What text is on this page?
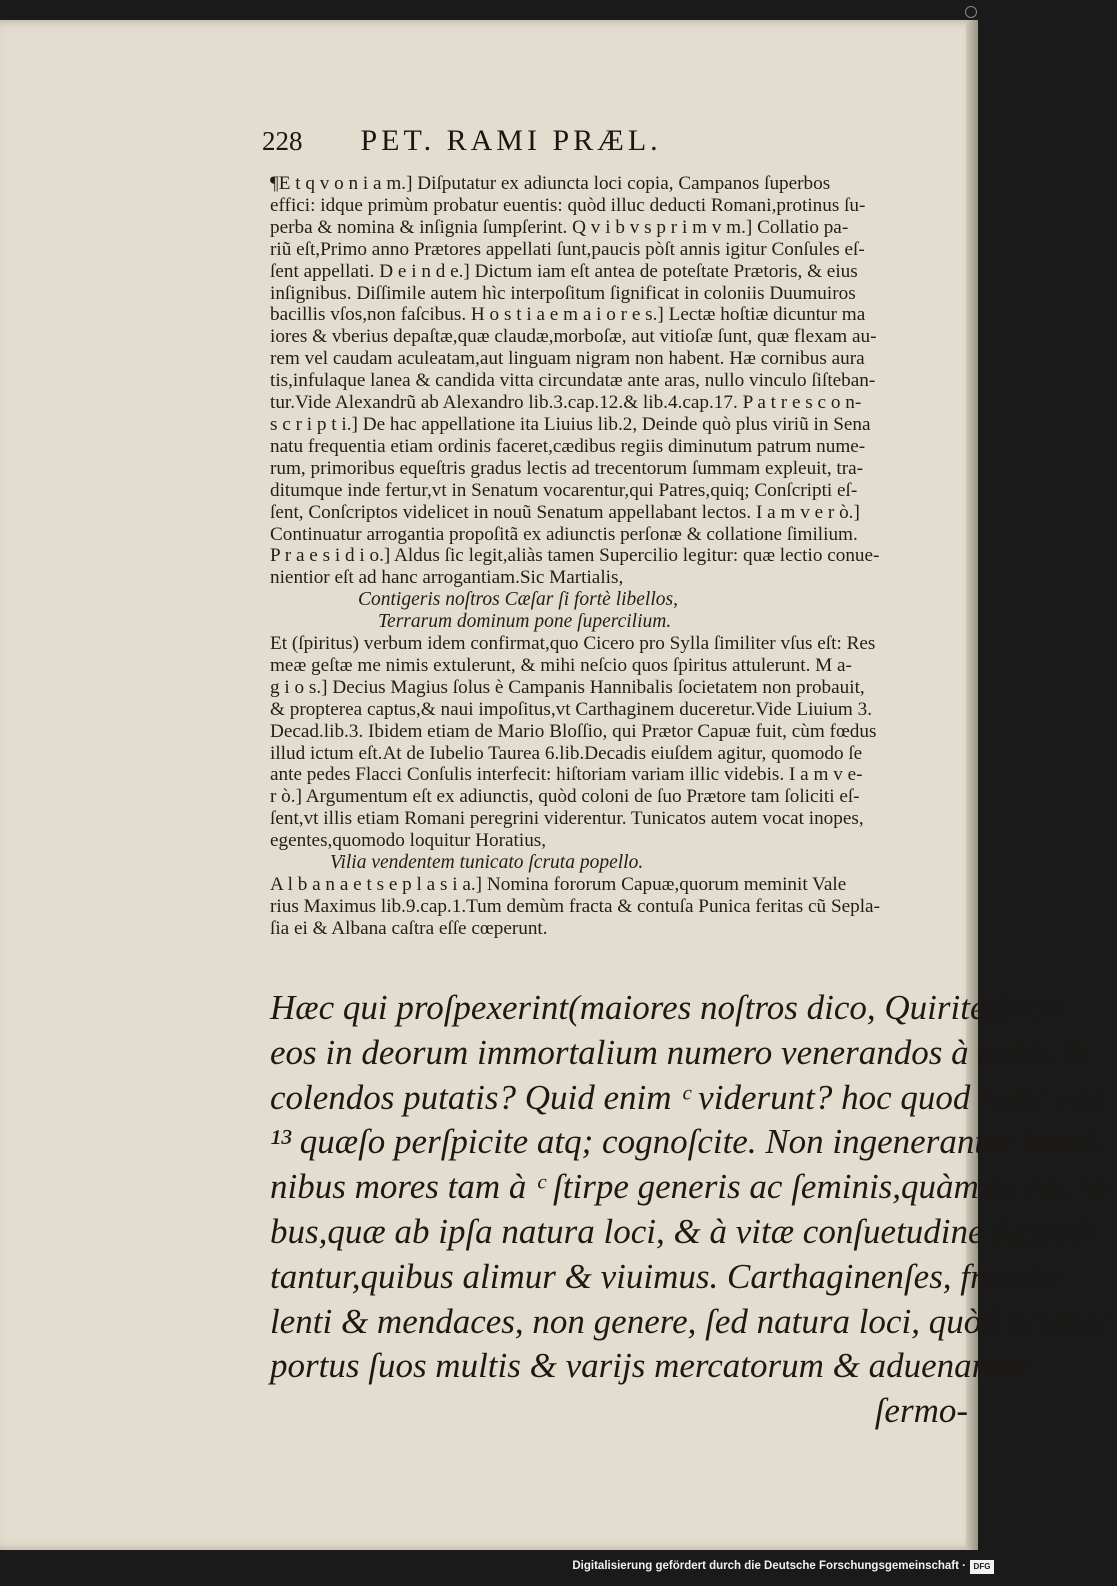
228 PET. RAMI PRÆL.

¶E t q v o n i a m.] Diſputatur ex adiuncta loci copia, Campanos ſuperbos

effici: idque primùm probatur euentis: quòd illuc deducti Romani,protinus ſu-

perba & nomina & inſignia ſumpſerint. Q v i b v s p r i m v m.] Collatio pa-

riũ eſt,Primo anno Prætores appellati ſunt,paucis pòſt annis igitur Conſules eſ-

ſent appellati. D e i n d e.] Dictum iam eſt antea de poteſtate Prætoris, & eius

inſignibus. Diſſimile autem hìc interpoſitum ſignificat in coloniis Duumuiros

bacillis vſos,non faſcibus. H o s t i a e m a i o r e s.] Lectæ hoſtiæ dicuntur ma

iores & vberius depaſtæ,quæ claudæ,morboſæ, aut vitioſæ ſunt, quæ flexam au-

rem vel caudam aculeatam,aut linguam nigram non habent. Hæ cornibus aura

tis,infulaque lanea & candida vitta circundatæ ante aras, nullo vinculo ſiſteban-

tur.Vide Alexandrũ ab Alexandro lib.3.cap.12.& lib.4.cap.17. P a t r e s c o n-

s c r i p t i.] De hac appellatione ita Liuius lib.2, Deinde quò plus viriũ in Sena

natu frequentia etiam ordinis faceret,cædibus regiis diminutum patrum nume-

rum, primoribus equeſtris gradus lectis ad trecentorum ſummam expleuit, tra-

ditumque inde fertur,vt in Senatum vocarentur,qui Patres,quiq; Conſcripti eſ-

ſent, Conſcriptos videlicet in nouũ Senatum appellabant lectos. I a m v e r ò.]

Continuatur arrogantia propoſitã ex adiunctis perſonæ & collatione ſimilium.

P r a e s i d i o.] Aldus ſic legit,aliàs tamen Supercilio legitur: quæ lectio conue-

nientior eſt ad hanc arrogantiam.Sic Martialis,

Contigeris noſtros Cæſar ſi fortè libellos,

Terrarum dominum pone ſupercilium.

Et (ſpiritus) verbum idem confirmat,quo Cicero pro Sylla ſimiliter vſus eſt: Res

meæ geſtæ me nimis extulerunt, & mihi neſcio quos ſpiritus attulerunt. M a-

g i o s.] Decius Magius ſolus è Campanis Hannibalis ſocietatem non probauit,

& propterea captus,& naui impoſitus,vt Carthaginem duceretur.Vide Liuium 3.

Decad.lib.3. Ibidem etiam de Mario Bloſſio, qui Prætor Capuæ fuit, cùm fœdus

illud ictum eſt.At de Iubelio Taurea 6.lib.Decadis eiuſdem agitur, quomodo ſe

ante pedes Flacci Conſulis interfecit: hiſtoriam variam illic videbis. I a m v e-

r ò.] Argumentum eſt ex adiunctis, quòd coloni de ſuo Prætore tam ſoliciti eſ-

ſent,vt illis etiam Romani peregrini viderentur. Tunicatos autem vocat inopes,

egentes,quomodo loquitur Horatius,

Vilia vendentem tunicato ſcruta popello.

A l b a n a e t s e p l a s i a.] Nomina fororum Capuæ,quorum meminit Vale

rius Maximus lib.9.cap.1.Tum demùm fracta & contuſa Punica feritas cũ Sepla-

ſia ei & Albana caſtra eſſe cœperunt.

Hæc qui proſpexerint(maiores noſtros dico, Quirites)non

eos in deorum immortalium numero venerandos à nobis &

colendos putatis? Quid enim ᶜ viderunt? hoc quod nunc vos

¹³ quæſo perſpicite atq; cognoſcite. Non ingenerantur homi-

nibus mores tam à ᶜ ſtirpe generis ac ſeminis,quàm ex his re-

bus,quæ ab ipſa natura loci, & à vitæ conſuetudine ſuppedi

tantur,quibus alimur & viuimus. Carthaginenſes, fraudu-

lenti & mendaces, non genere, ſed natura loci, quòd propter

portus ſuos multis & varijs mercatorum & aduenarum

ſermo-

Digitalisierung gefördert durch die Deutsche Forschungsgemeinschaft · DFG
